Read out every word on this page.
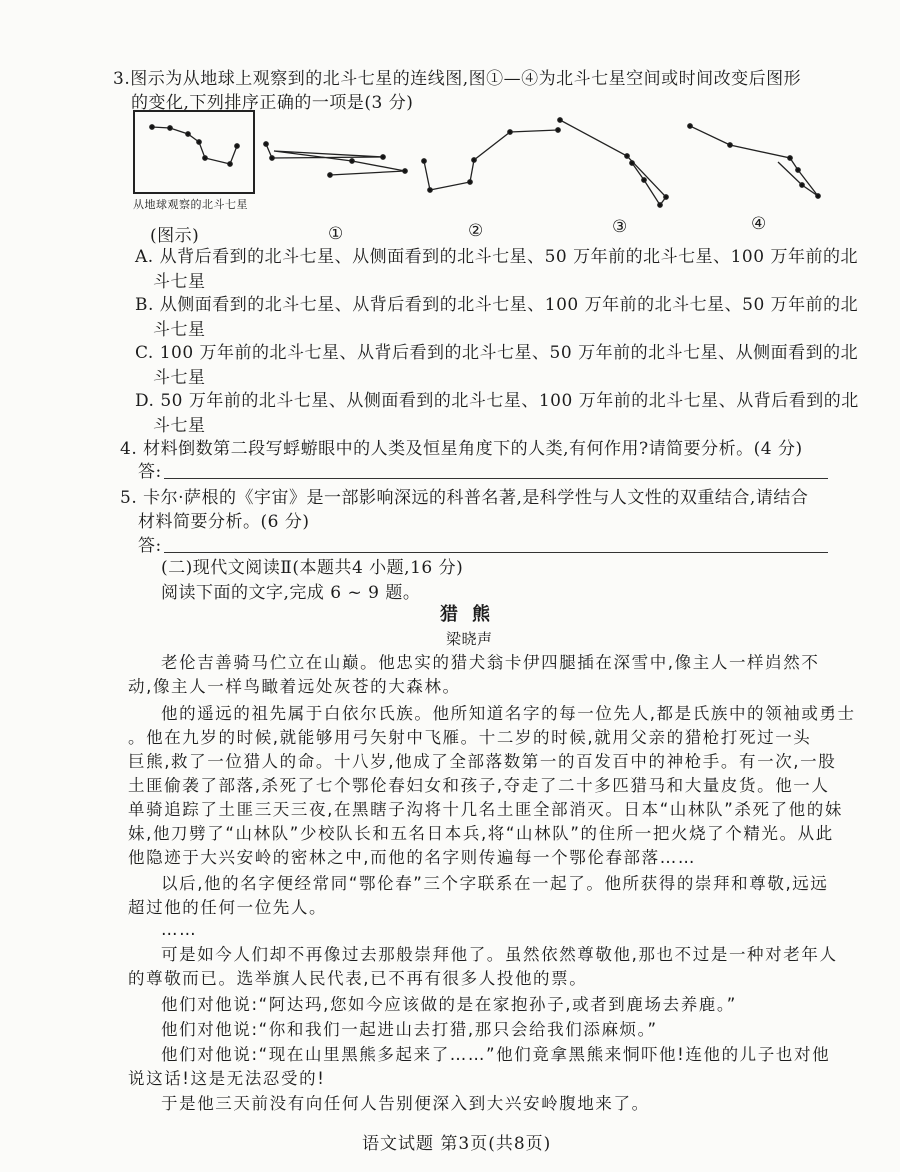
3.图示为从地球上观察到的北斗七星的连线图,图①—④为北斗七星空间或时间改变后图形
的变化,下列排序正确的一项是(3 分)
从地球观察的北斗七星
(图示)	①	②	③	④
A. 从背后看到的北斗七星、从侧面看到的北斗七星、50 万年前的北斗七星、100 万年前的北
斗七星
B. 从侧面看到的北斗七星、从背后看到的北斗七星、100 万年前的北斗七星、50 万年前的北
斗七星
C. 100 万年前的北斗七星、从背后看到的北斗七星、50 万年前的北斗七星、从侧面看到的北
斗七星
D. 50 万年前的北斗七星、从侧面看到的北斗七星、100 万年前的北斗七星、从背后看到的北
斗七星
4. 材料倒数第二段写蜉蝣眼中的人类及恒星角度下的人类,有何作用?请简要分析。(4 分)
答:
5. 卡尔·萨根的《宇宙》是一部影响深远的科普名著,是科学性与人文性的双重结合,请结合
材料简要分析。(6 分)
答:
(二)现代文阅读Ⅱ(本题共4 小题,16 分)
阅读下面的文字,完成 6 ~ 9 题。
猎熊
梁晓声
老伦吉善骑马伫立在山巅。他忠实的猎犬翁卡伊四腿插在深雪中,像主人一样岿然不
动,像主人一样鸟瞰着远处灰苍的大森林。
他的遥远的祖先属于白依尔氏族。他所知道名字的每一位先人,都是氏族中的领袖或勇士
。他在九岁的时候,就能够用弓矢射中飞雁。十二岁的时候,就用父亲的猎枪打死过一头
巨熊,救了一位猎人的命。十八岁,他成了全部落数第一的百发百中的神枪手。有一次,一股
土匪偷袭了部落,杀死了七个鄂伦春妇女和孩子,夺走了二十多匹猎马和大量皮货。他一人
单骑追踪了土匪三天三夜,在黑瞎子沟将十几名土匪全部消灭。日本“山林队”杀死了他的妹
妹,他刀劈了“山林队”少校队长和五名日本兵,将“山林队”的住所一把火烧了个精光。从此
他隐迹于大兴安岭的密林之中,而他的名字则传遍每一个鄂伦春部落……
以后,他的名字便经常同“鄂伦春”三个字联系在一起了。他所获得的崇拜和尊敬,远远
超过他的任何一位先人。
……
可是如今人们却不再像过去那般崇拜他了。虽然依然尊敬他,那也不过是一种对老年人
的尊敬而已。选举旗人民代表,已不再有很多人投他的票。
他们对他说:“阿达玛,您如今应该做的是在家抱孙子,或者到鹿场去养鹿。”
他们对他说:“你和我们一起进山去打猎,那只会给我们添麻烦。”
他们对他说:“现在山里黑熊多起来了……”他们竟拿黑熊来恫吓他!连他的儿子也对他
说这话!这是无法忍受的!
于是他三天前没有向任何人告别便深入到大兴安岭腹地来了。
语文试题 第3页(共8页)
